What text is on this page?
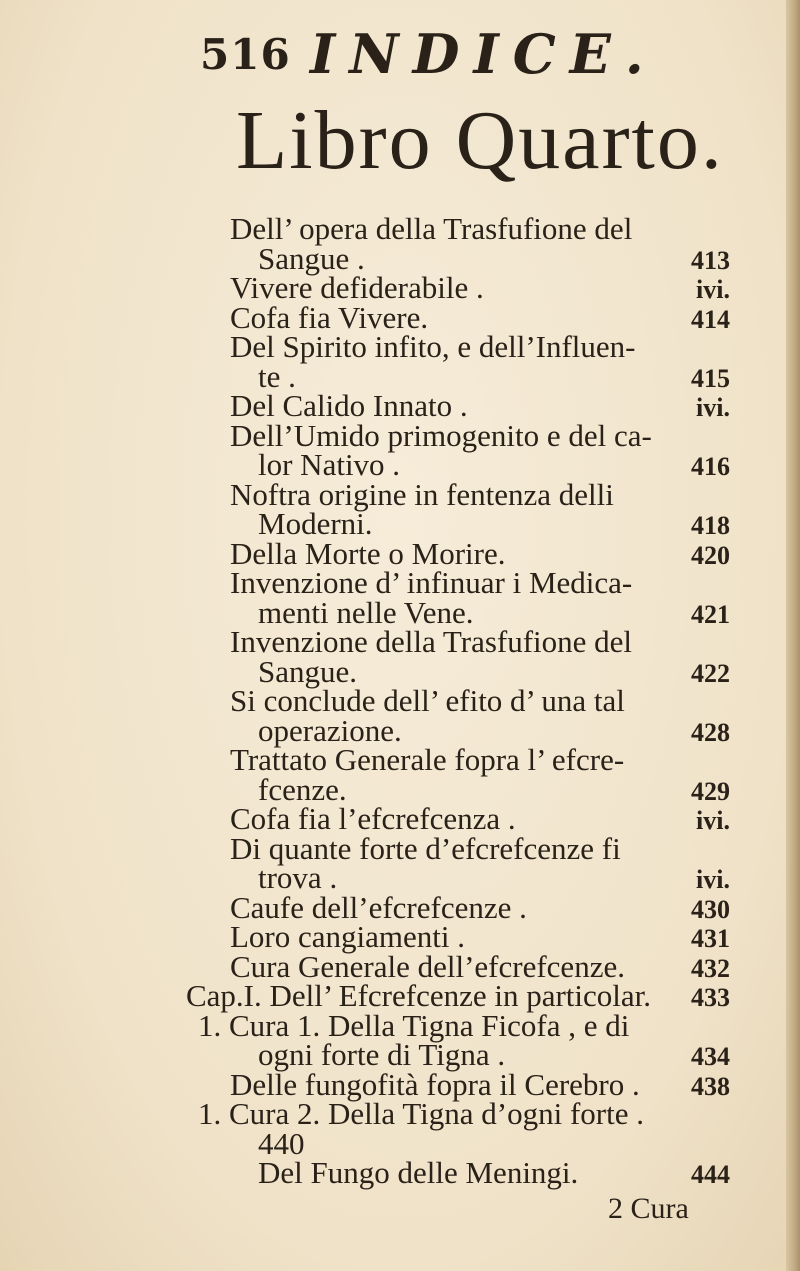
516 INDICE.
Libro Quarto.
Dell’ opera della Trasfufione del
Sangue .	413
Vivere defiderabile .	ivi.
Cofa fia Vivere.	414
Del Spirito infito, e dell’Influen-
te .	415
Del Calido Innato .	ivi.
Dell’Umido primogenito e del ca-
lor Nativo .	416
Noftra origine in fentenza delli
Moderni.	418
Della Morte o Morire.	420
Invenzione d’ infinuar i Medica-
menti nelle Vene.	421
Invenzione della Trasfufione del
Sangue.	422
Si conclude dell’ efito d’ una tal
operazione.	428
Trattato Generale fopra l’ efcre-
fcenze.	429
Cofa fia l’efcrefcenza .	ivi.
Di quante forte d’efcrefcenze fi
trova .	ivi.
Caufe dell’efcrefcenze .	430
Loro cangiamenti .	431
Cura Generale dell’efcrefcenze.	432
Cap.I. Dell’ Efcrefcenze in particolar. 433
1. Cura 1. Della Tigna Ficofa , e di
ogni forte di Tigna .	434
Delle fungofità fopra il Cerebro . 438
1. Cura 2. Della Tigna d’ogni forte .
440
Del Fungo delle Meningi.	444
2 Cura
